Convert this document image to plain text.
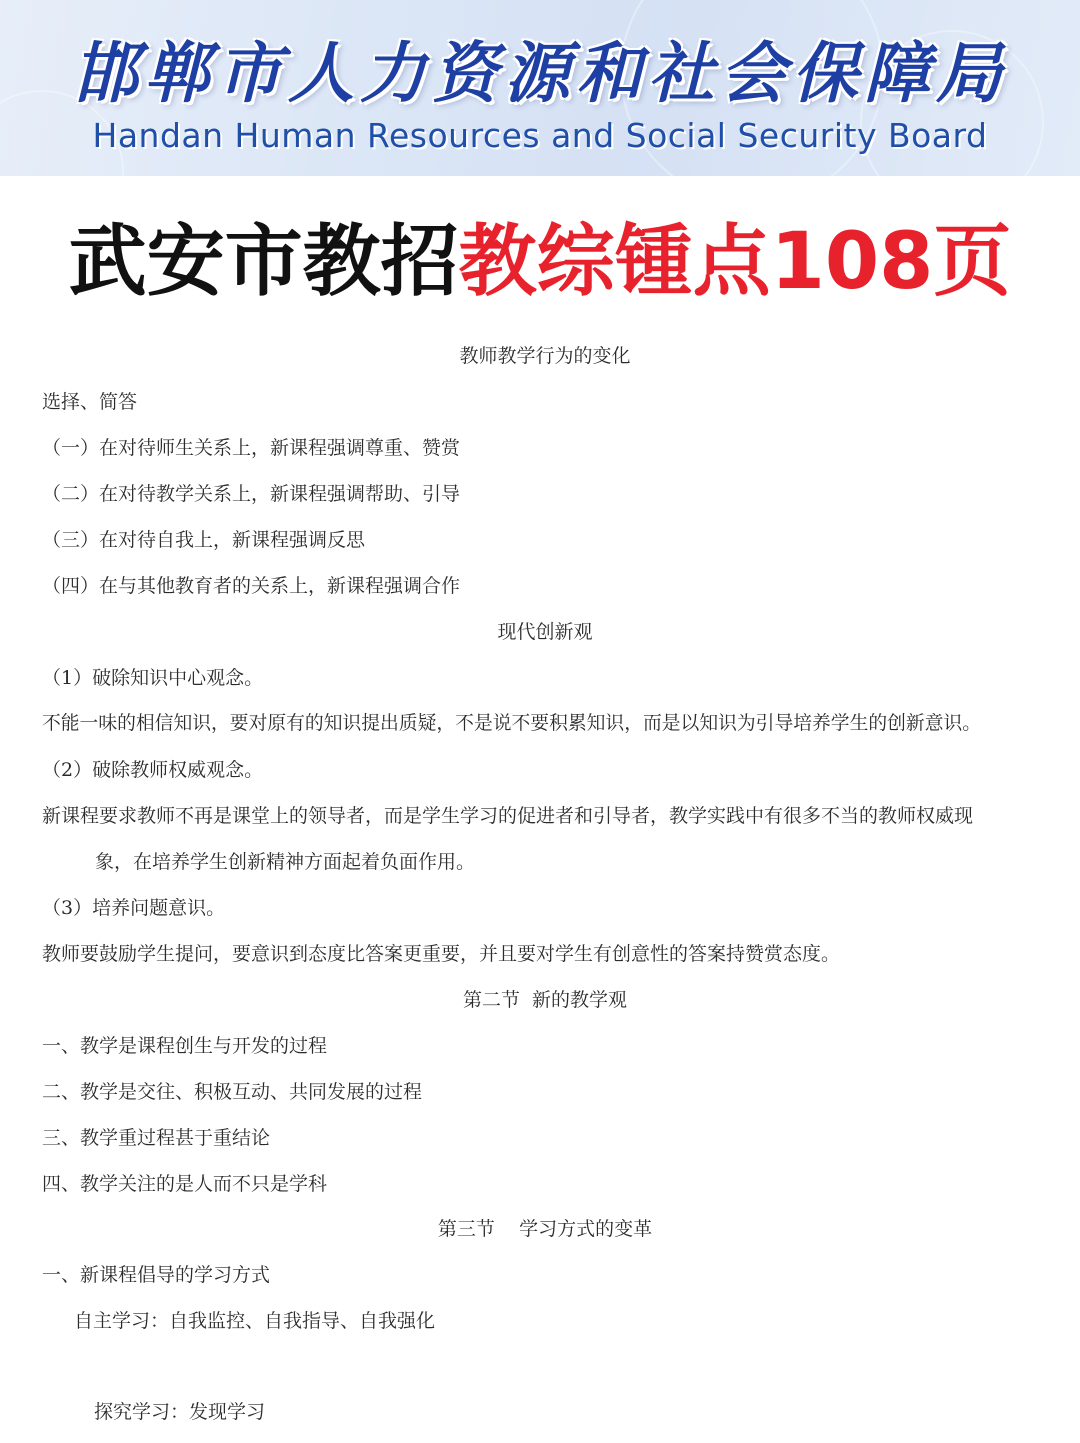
邯郸市人力资源和社会保障局
Handan Human Resources and Social Security Board
武安市教招教综锺点108页
教师教学行为的变化
选择、简答
（一）在对待师生关系上，新课程强调尊重、赞赏
（二）在对待教学关系上，新课程强调帮助、引导
（三）在对待自我上，新课程强调反思
（四）在与其他教育者的关系上，新课程强调合作
现代创新观
（1）破除知识中心观念。
不能一味的相信知识，要对原有的知识提出质疑，不是说不要积累知识，而是以知识为引导培养学生的创新意识。
（2）破除教师权威观念。
新课程要求教师不再是课堂上的领导者，而是学生学习的促进者和引导者，教学实践中有很多不当的教师权威现
象，在培养学生创新精神方面起着负面作用。
（3）培养问题意识。
教师要鼓励学生提问，要意识到态度比答案更重要，并且要对学生有创意性的答案持赞赏态度。
第二节  新的教学观
一、教学是课程创生与开发的过程
二、教学是交往、积极互动、共同发展的过程
三、教学重过程甚于重结论
四、教学关注的是人而不只是学科
第三节    学习方式的变革
一、新课程倡导的学习方式
自主学习：自我监控、自我指导、自我强化
探究学习：发现学习
